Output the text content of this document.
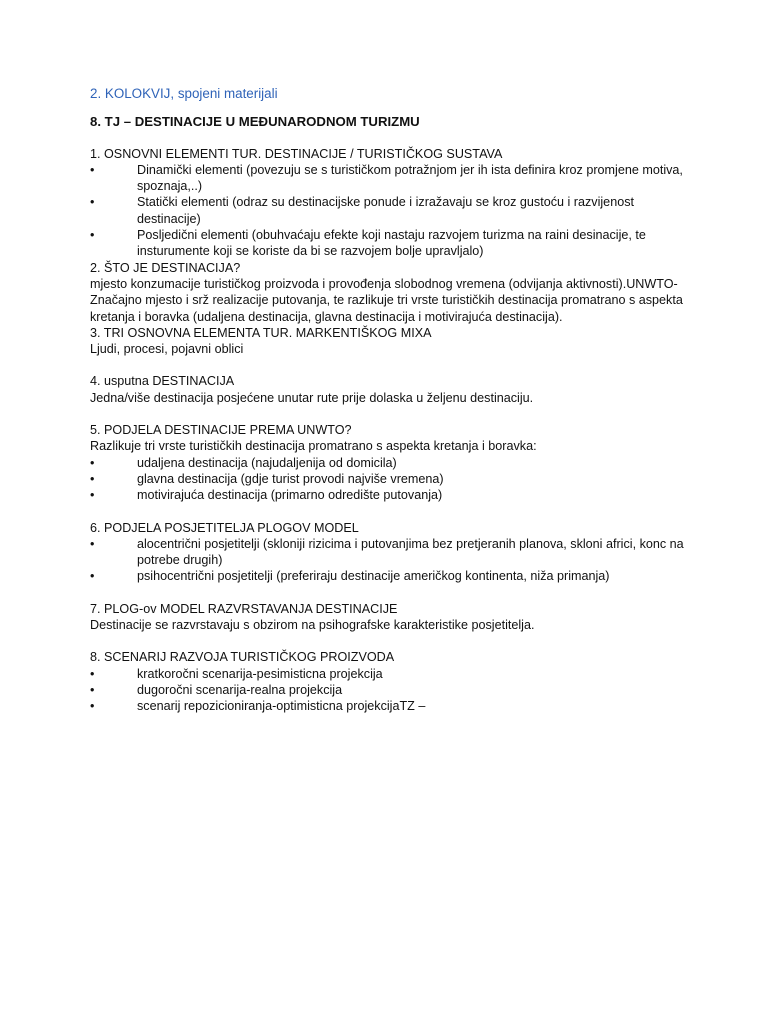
2. KOLOKVIJ, spojeni materijali

8. TJ – DESTINACIJE U MEĐUNARODNOM TURIZMU

1. OSNOVNI ELEMENTI TUR. DESTINACIJE / TURISTIČKOG SUSTAVA

•	Dinamički elementi (povezuju se s turističkom potražnjom jer ih ista definira kroz promjene motiva, spoznaja,..)
•	Statički elementi (odraz su destinacijske ponude i izražavaju se kroz gustoću i razvijenost destinacije)
•	Posljedični elementi (obuhvaćaju efekte koji nastaju razvojem turizma na raini desinacije, te insturumente koji se koriste da bi se razvojem bolje upravljalo)

2. ŠTO JE DESTINACIJA?

mjesto konzumacije turističkog proizvoda i provođenja slobodnog vremena (odvijanja aktivnosti).UNWTO-Značajno mjesto i srž realizacije putovanja, te razlikuje tri vrste turističkih destinacija promatrano s aspekta kretanja i boravka (udaljena destinacija, glavna destinacija i motivirajuća destinacija).

3. TRI OSNOVNA ELEMENTA TUR. MARKENTIŠKOG MIXA

Ljudi, procesi, pojavni oblici

4. usputna DESTINACIJA

Jedna/više destinacija posjećene unutar rute prije dolaska u željenu destinaciju.

5. PODJELA DESTINACIJE PREMA UNWTO?

Razlikuje tri vrste turističkih destinacija promatrano s aspekta kretanja i boravka:

•	udaljena destinacija (najudaljenija od domicila)
•	glavna destinacija (gdje turist provodi najviše vremena)
•	motivirajuća destinacija (primarno odredište putovanja)

6. PODJELA POSJETITELJA PLOGOV MODEL

•	alocentrični posjetitelji (skloniji rizicima i putovanjima bez pretjeranih planova, skloni africi, konc na potrebe drugih)
•	psihocentrični posjetitelji (preferiraju destinacije američkog kontinenta, niža primanja)

7. PLOG-ov MODEL RAZVRSTAVANJA DESTINACIJE

Destinacije se razvrstavaju s obzirom na psihografske karakteristike posjetitelja.

8. SCENARIJ RAZVOJA TURISTIČKOG PROIZVODA

•	kratkoročni scenarija-pesimisticna projekcija
•	dugoročni scenarija-realna projekcija
•	scenarij repozicioniranja-optimisticna projekcijaTZ –
